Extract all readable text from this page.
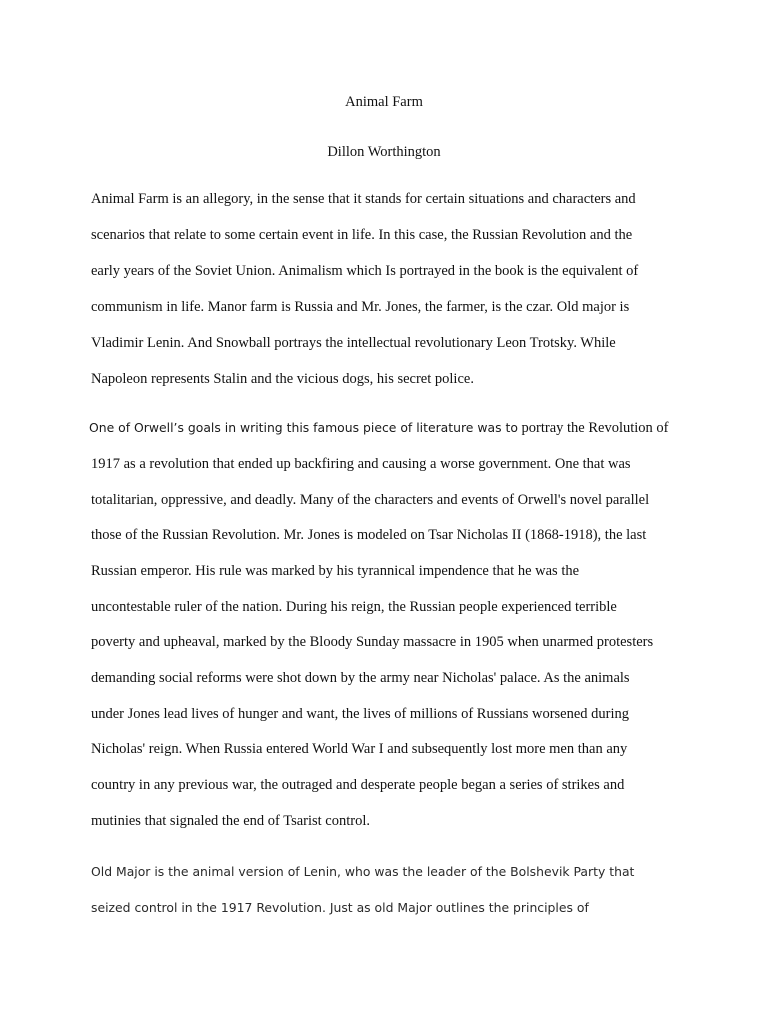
Animal Farm
Dillon Worthington
Animal Farm is an allegory, in the sense that it stands for certain situations and characters and
scenarios that relate to some certain event in life. In this case, the Russian Revolution and the
early years of the Soviet Union. Animalism which Is portrayed in the book is the equivalent of
communism in life. Manor farm is Russia and Mr. Jones, the farmer, is the czar. Old major is
Vladimir Lenin. And Snowball portrays the intellectual revolutionary Leon Trotsky. While
Napoleon represents Stalin and the vicious dogs, his secret police.
One of Orwell’s goals in writing this famous piece of literature was to portray the Revolution of
1917 as a revolution that ended up backfiring and causing a worse government. One that was
totalitarian, oppressive, and deadly. Many of the characters and events of Orwell's novel parallel
those of the Russian Revolution. Mr. Jones is modeled on Tsar Nicholas II (1868-1918), the last
Russian emperor. His rule was marked by his tyrannical impendence that he was the
uncontestable ruler of the nation. During his reign, the Russian people experienced terrible
poverty and upheaval, marked by the Bloody Sunday massacre in 1905 when unarmed protesters
demanding social reforms were shot down by the army near Nicholas' palace. As the animals
under Jones lead lives of hunger and want, the lives of millions of Russians worsened during
Nicholas' reign. When Russia entered World War I and subsequently lost more men than any
country in any previous war, the outraged and desperate people began a series of strikes and
mutinies that signaled the end of Tsarist control.
Old Major is the animal version of Lenin, who was the leader of the Bolshevik Party that
seized control in the 1917 Revolution. Just as old Major outlines the principles of
